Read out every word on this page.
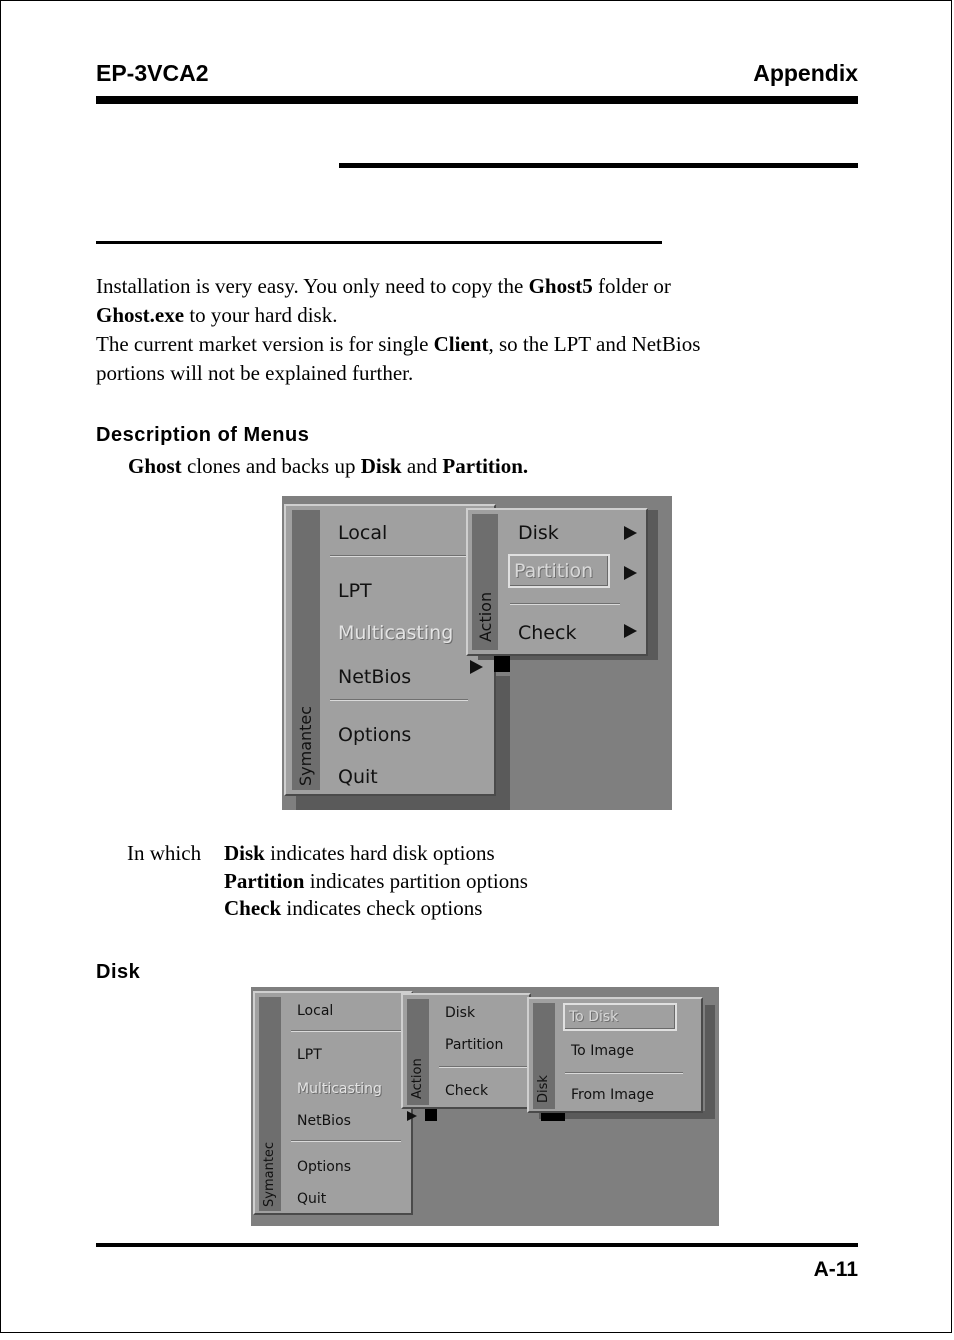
EP-3VCA2	Appendix
Installation is very easy. You only need to copy the Ghost5 folder or
Ghost.exe to your hard disk.
The current market version is for single Client, so the LPT and NetBios
portions will not be explained further.
Description of Menus
Ghost clones and backs up Disk and Partition.
Symantec
Local
LPT
Multicasting
NetBios
Options
Quit
Action
Disk
Partition
Check
In which Disk indicates hard disk options
Partition indicates partition options
Check indicates check options
Disk
Symantec
Local
LPT
Multicasting
NetBios
Options
Quit
Action
Disk
Partition
Check	Disk
To Disk
To Image
From Image
A-11
